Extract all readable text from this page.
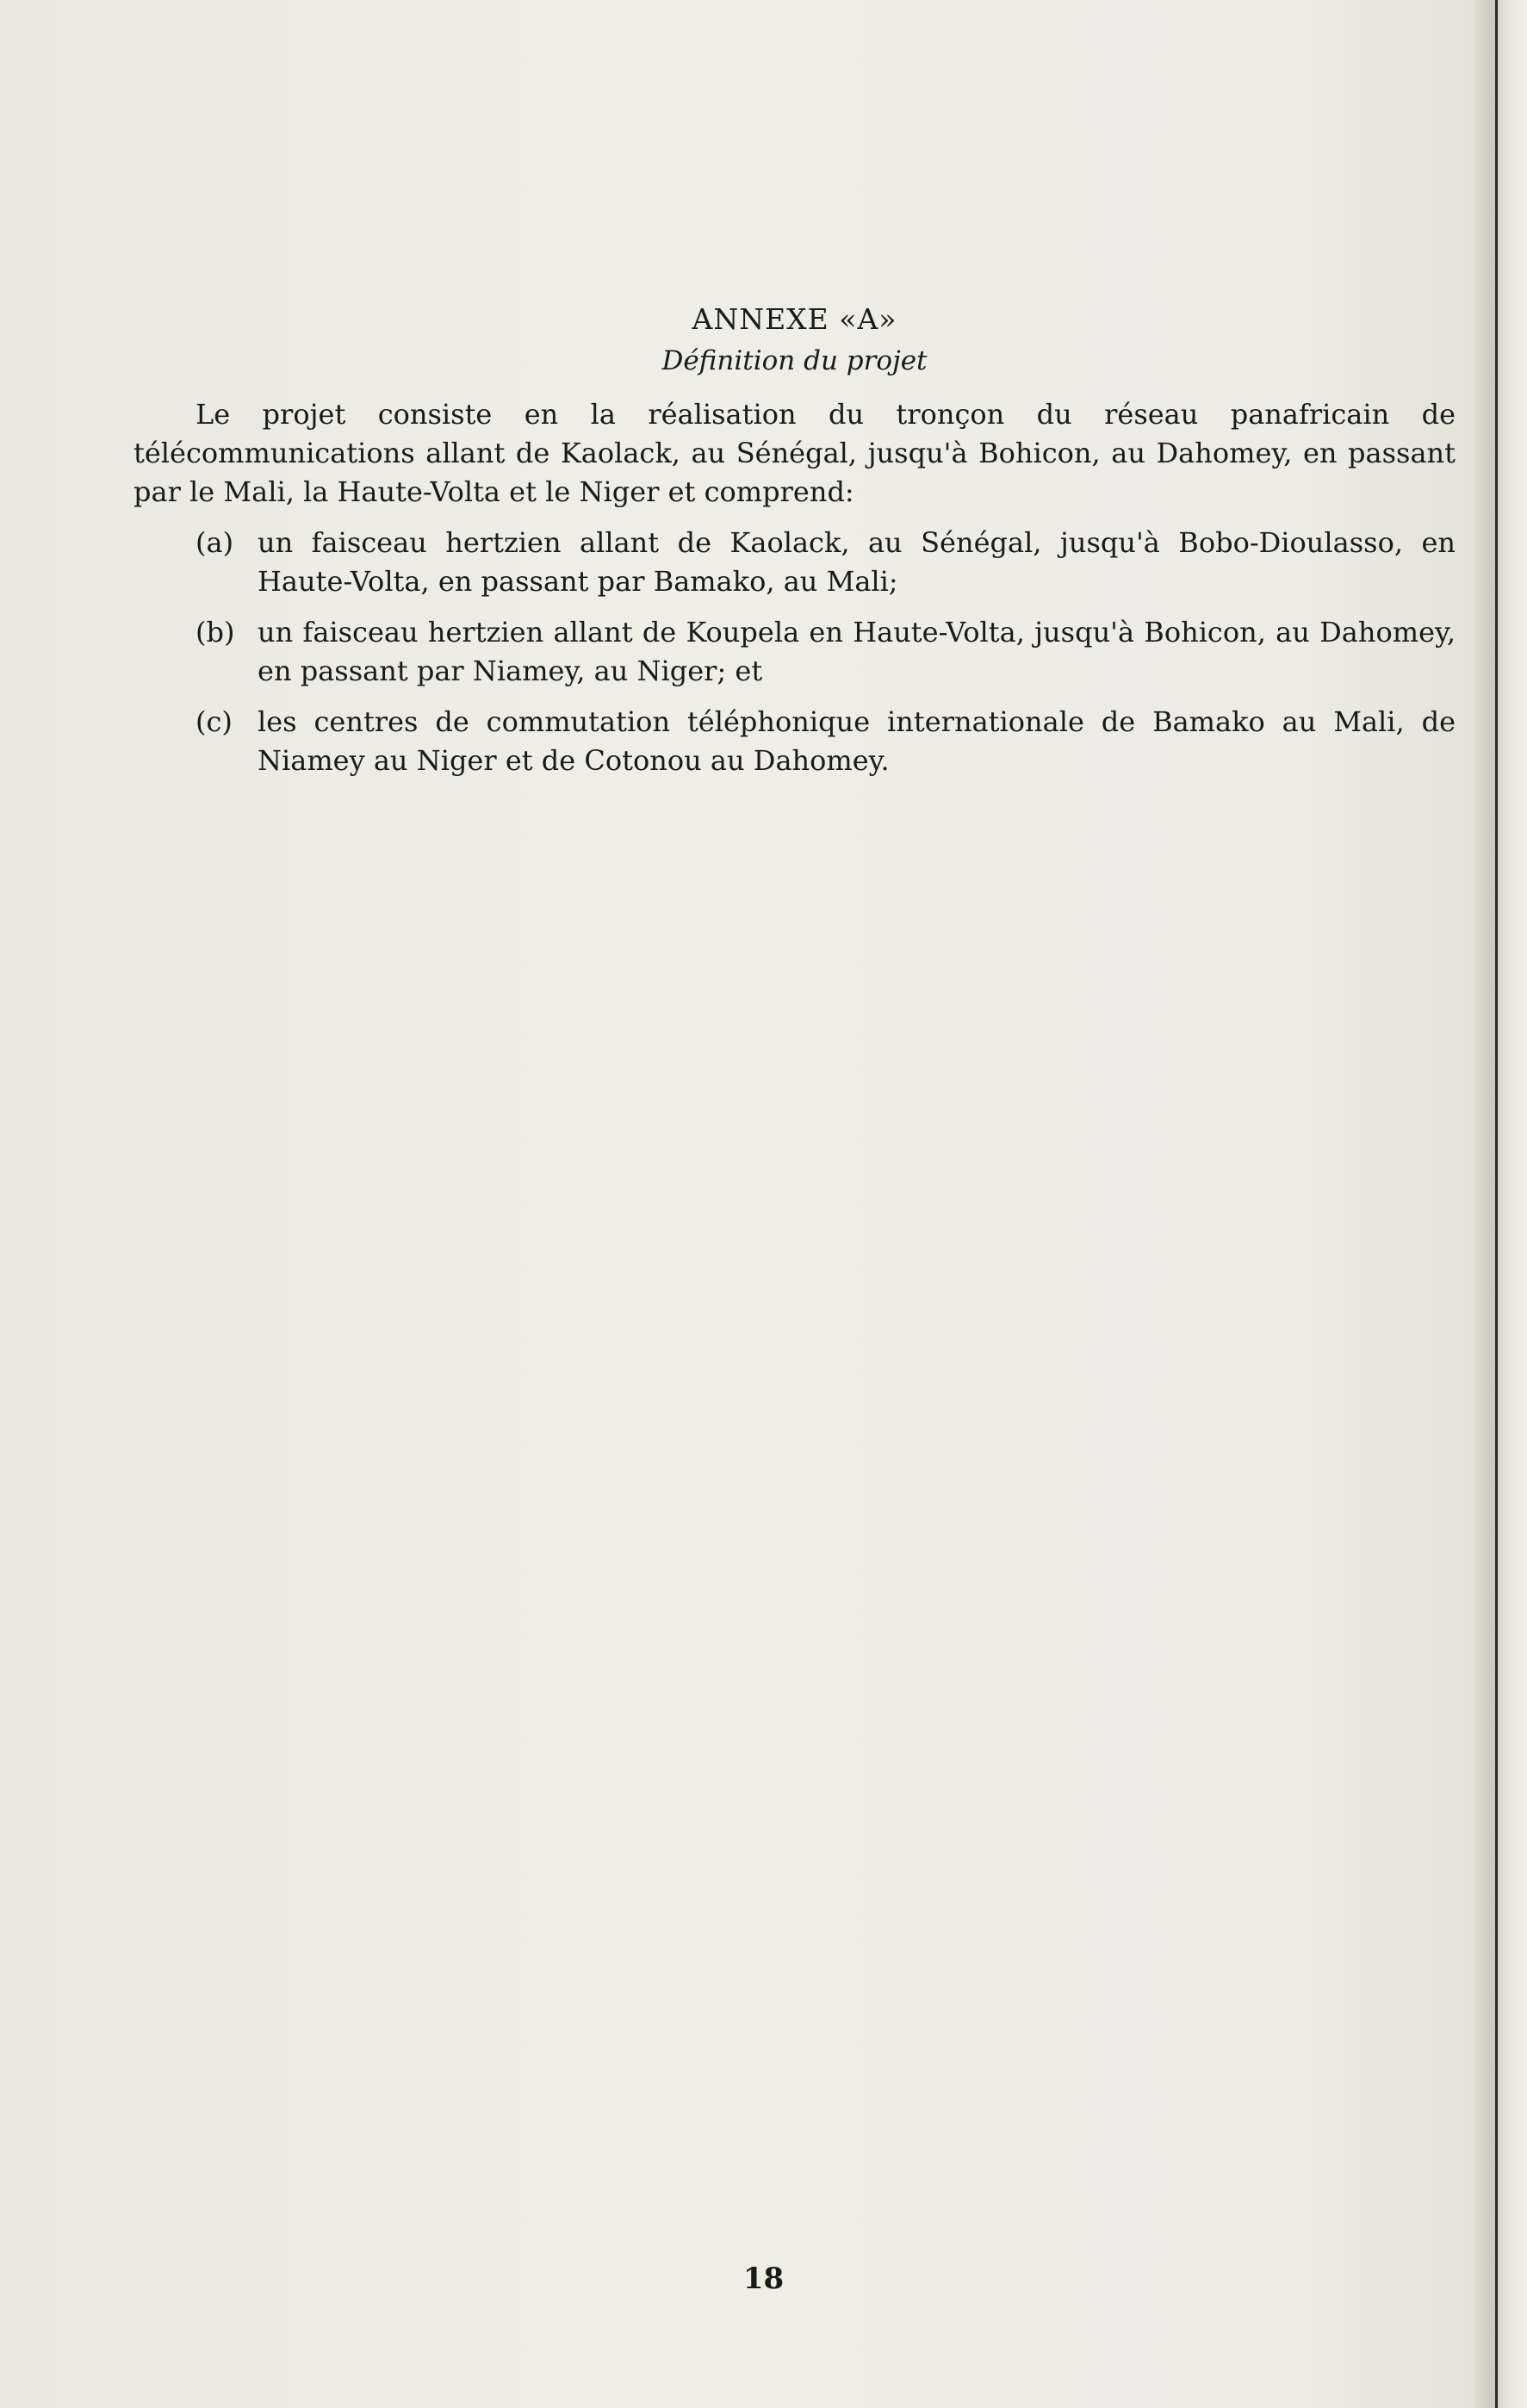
ANNEXE «A»
Définition du projet

Le projet consiste en la réalisation du tronçon du réseau panafricain de télécommunications allant de Kaolack, au Sénégal, jusqu'à Bohicon, au Dahomey, en passant par le Mali, la Haute-Volta et le Niger et comprend:

(a) un faisceau hertzien allant de Kaolack, au Sénégal, jusqu'à Bobo-Dioulasso, en Haute-Volta, en passant par Bamako, au Mali;
(b) un faisceau hertzien allant de Koupela en Haute-Volta, jusqu'à Bohicon, au Dahomey, en passant par Niamey, au Niger; et
(c) les centres de commutation téléphonique internationale de Bamako au Mali, de Niamey au Niger et de Cotonou au Dahomey.
18
